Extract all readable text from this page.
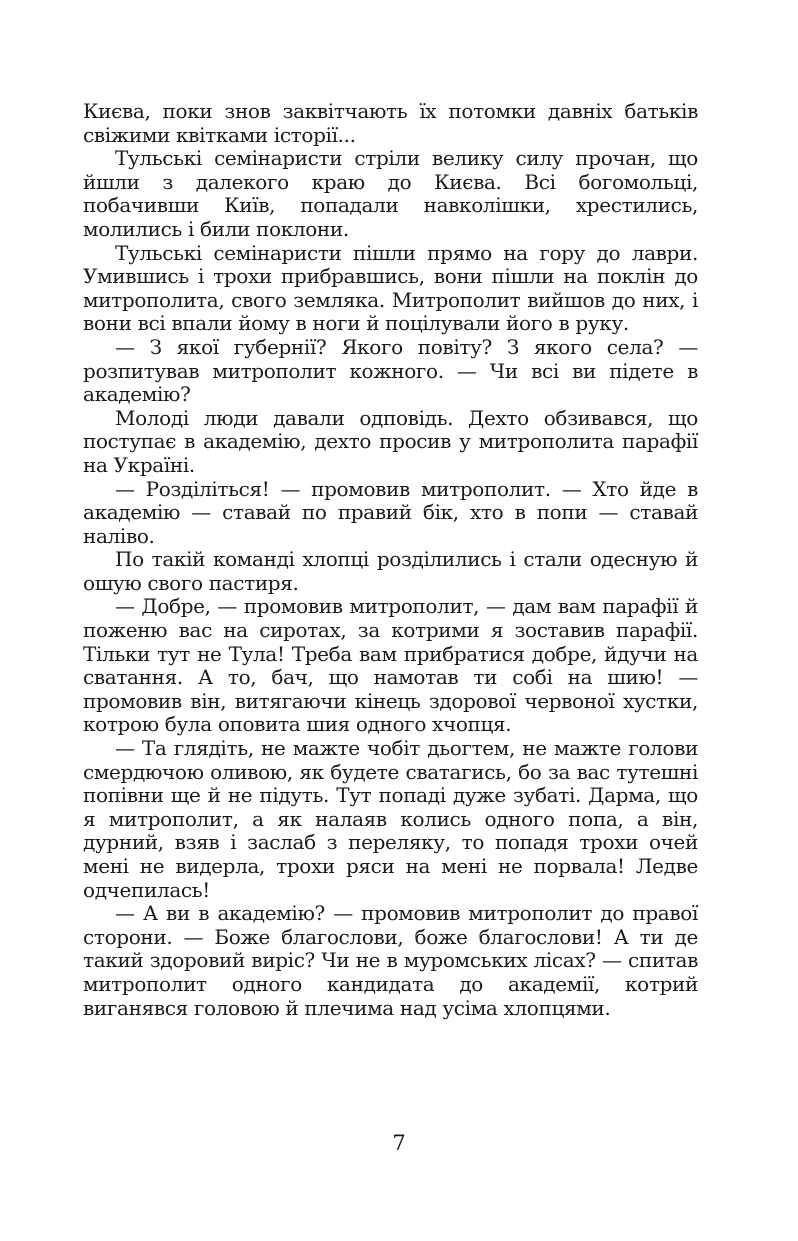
Києва, поки знов заквітчають їх потомки давніх батьків свіжими квітками історії...

Тульські семінаристи стріли велику силу прочан, що йшли з далекого краю до Києва. Всі богомольці, побачивши Київ, попадали навколішки, хрестились, молились і били поклони.

Тульські семінаристи пішли прямо на гору до лаври. Умившись і трохи прибравшись, вони пішли на поклін до митрополита, свого земляка. Митрополит вийшов до них, і вони всі впали йому в ноги й поцілували його в руку.

— З якої губернії? Якого повіту? З якого села? — розпитував митрополит кожного. — Чи всі ви підете в академію?

Молоді люди давали одповідь. Дехто обзивався, що поступає в академію, дехто просив у митрополита парафії на Україні.

— Розділіться! — промовив митрополит. — Хто йде в академію — ставай по правий бік, хто в попи — ставай наліво.

По такій команді хлопці розділились і стали одесную й ошую свого пастиря.

— Добре, — промовив митрополит, — дам вам парафії й поженю вас на сиротах, за котрими я зоставив парафії. Тільки тут не Тула! Треба вам прибратися добре, йдучи на сватання. А то, бач, що намотав ти собі на шию! — промовив він, витягаючи кінець здорової червоної хустки, котрою була оповита шия одного хчопця.

— Та глядіть, не мажте чобіт дьогтем, не мажте голови смердючою оливою, як будете сватагись, бо за вас тутешні попівни ще й не підуть. Тут попаді дуже зубаті. Дарма, що я митрополит, а як налаяв колись одного попа, а він, дурний, взяв і заслаб з переляку, то попадя трохи очей мені не видерла, трохи ряси на мені не порвала! Ледве одчепилась!

— А ви в академію? — промовив митрополит до правої сторони. — Боже благослови, боже благослови! А ти де такий здоровий виріс? Чи не в муромських лісах? — спитав митрополит одного кандидата до академії, котрий виганявся головою й плечима над усіма хлопцями.

7
